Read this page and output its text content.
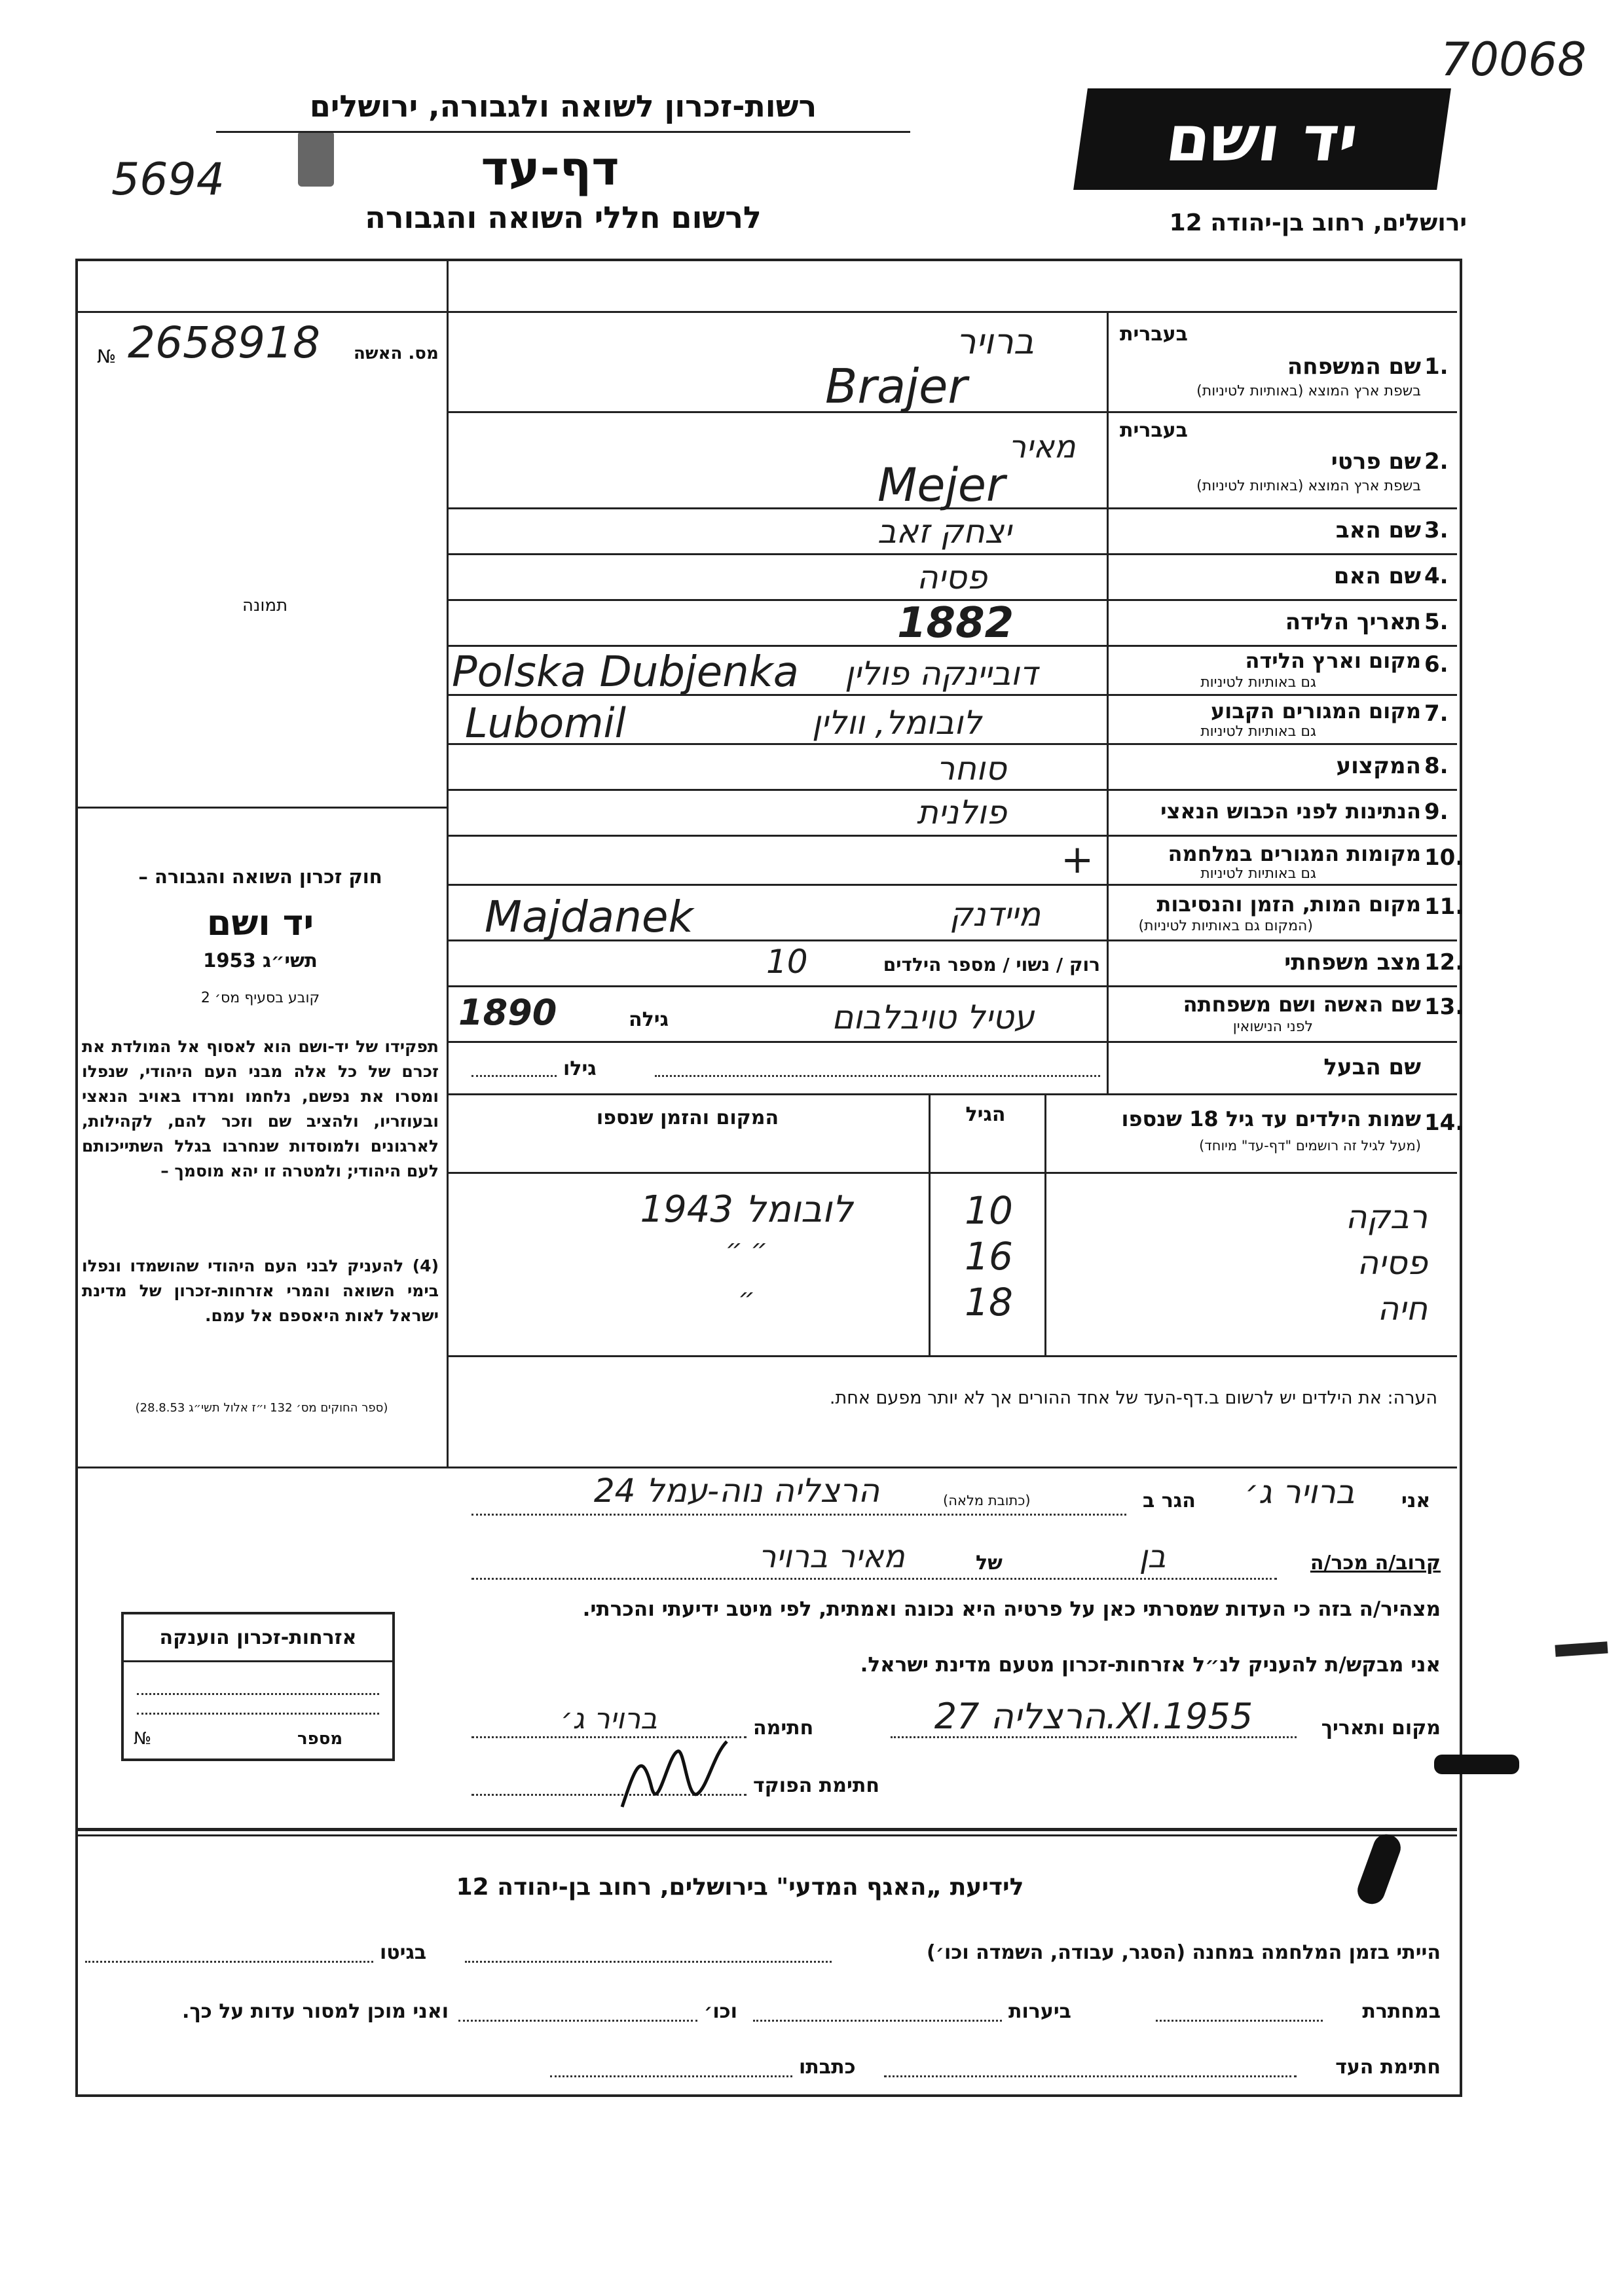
70068
5694
רשות-זכרון לשואה ולגבורה, ירושלים
דף-עד
לרשום חללי השואה והגבורה
יד ושם
ירושלים, רחוב בן-יהודה 12
מס. האשה
2658918
№
תמונה
חוק זכרון השואה והגבורה –
יד ושם
תשי״ג 1953
קובע בסעיף מס׳ 2
תפקידו של יד-ושם הוא לאסוף אל המולדת את זכרם של כל אלה מבני העם היהודי, שנפלו ומסרו את נפשם, נלחמו ומרדו באויב הנאצי ובעוזריו, ולהציב שם וזכר להם, לקהילות, לארגונים ולמוסדות שנחרבו בגלל השתייכותם לעם היהודי; ולמטרה זו יהא מוסמך –
(4) להעניק לבני העם היהודי שהושמדו ונפלו בימי השואה והמרי אזרחות-זכרון של מדינת ישראל לאות היאספם אל עמם.
(ספר החוקים מס׳ 132 י״ז אלול תשי״ג 28.8.53)
בעברית
שם המשפחה .1
בשפת ארץ המוצא (באותיות לטיניות)
ברויר
Brajer
בעברית
שם פרטי .2
בשפת ארץ המוצא (באותיות לטיניות)
מאיר
Mejer
שם האב .3
יצחק זאב
שם האם .4
פסיה
תאריך הלידה .5
1882
מקום וארץ הלידה .6
גם באותיות לטיניות
Polska Dubjenka דוביינקה פולין
מקום המגורים הקבוע .7
גם באותיות לטיניות
Lubomil	לובומל, וולין
המקצוע .8
סוחר
הנתינות לפני הכבוש הנאצי .9
פולנית
מקומות המגורים במלחמה .10
גם באותיות לטיניות
+
מקום המות, הזמן והנסיבות .11
(המקום גם באותיות לטיניות)
Majdanek	מיידנק
מצב משפחתי .12
רוק / נשוי / מספר הילדים
10
שם האשה ושם משפחתה .13
לפני הנישואין
עטיל טויבלבום
גילה
1890
שם הבעל
גילו
.14
שמות הילדים עד גיל 18 שנספו
(מעל לגיל זה רושמים "דף-עד" מיוחד)
הגיל
המקום והזמן שנספו
רבקה
10
1943 לובומל
פסיה
16
״ ״
חיה
18
״
הערה: את הילדים יש לרשום ב.דף-העד של אחד ההורים אך לא יותר מפעם אחת.
אני
ברויר ג׳
הגר ב
(כתובת מלאה)
הרצליה נוה-עמל 24
קרוב/ה מכר/ה
בן
של
מאיר ברויר
מצהיר/ה בזה כי העדות שמסרתי כאן על פרטיה היא נכונה ואמתית, לפי מיטב ידיעתי והכרתי.
אני מבקש/ת להעניק לנ״ל אזרחות-זכרון מטעם מדינת ישראל.
מקום ותאריך
הרצליה 27.XI.1955
חתימה
ברויר ג׳
חתימת הפוקד
אזרחות-זכרון הוענקה
מספר
№
לידיעת „האגף המדעי" בירושלים, רחוב בן-יהודה 12
הייתי בזמן המלחמה במחנה (הסגר, עבודה, השמדה וכו׳)
בגיטו
במחתרת
ביערות
וכו׳
ואני מוכן למסור עדות על כך.
חתימת העד
כתבתו
